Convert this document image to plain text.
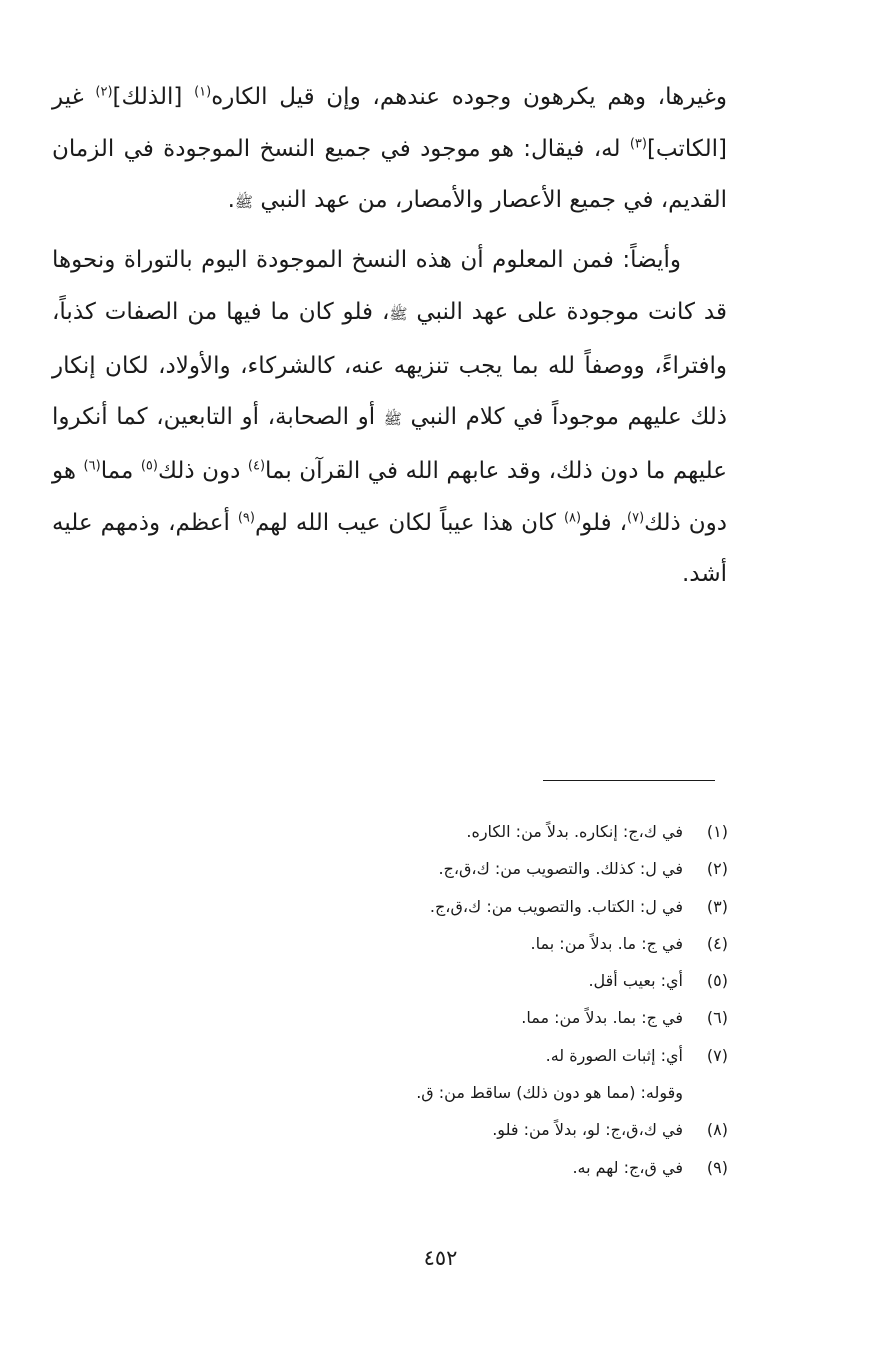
وغيرها، وهم يكرهون وجوده عندهم، وإن قيل الكاره$^{(١)}$ [الذلك]$^{(٢)}$ غير [الكاتب]$^{(٣)}$ له، فيقال: هو موجود في جميع النسخ الموجودة في الزمان القديم، في جميع الأعصار والأمصار، من عهد النبي ﷺ.

وأيضاً: فمن المعلوم أن هذه النسخ الموجودة اليوم بالتوراة ونحوها قد كانت موجودة على عهد النبي ﷺ، فلو كان ما فيها من الصفات كذباً، وافتراءً، ووصفاً لله بما يجب تنزيهه عنه، كالشركاء، والأولاد، لكان إنكار ذلك عليهم موجوداً في كلام النبي ﷺ أو الصحابة، أو التابعين، كما أنكروا عليهم ما دون ذلك، وقد عابهم الله في القرآن بما$^{(٤)}$ دون ذلك$^{(٥)}$ مما$^{(٦)}$ هو دون ذلك$^{(٧)}$، فلو$^{(٨)}$ كان هذا عيباً لكان عيب الله لهم$^{(٩)}$ أعظم، وذمهم عليه أشد.

(١)في ك،ج: إنكاره. بدلاً من: الكاره.
(٢)في ل: كذلك. والتصويب من: ك،ق،ج.
(٣)في ل: الكتاب. والتصويب من: ك،ق،ج.
(٤)في ج: ما. بدلاً من: بما.
(٥)أي: بعيب أقل.
(٦)في ج: بما. بدلاً من: مما.
(٧)أي: إثبات الصورة له.
وقوله: (مما هو دون ذلك) ساقط من: ق.
(٨)في ك،ق،ج: لو، بدلاً من: فلو.
(٩)في ق،ج: لهم به.
٤٥٢
